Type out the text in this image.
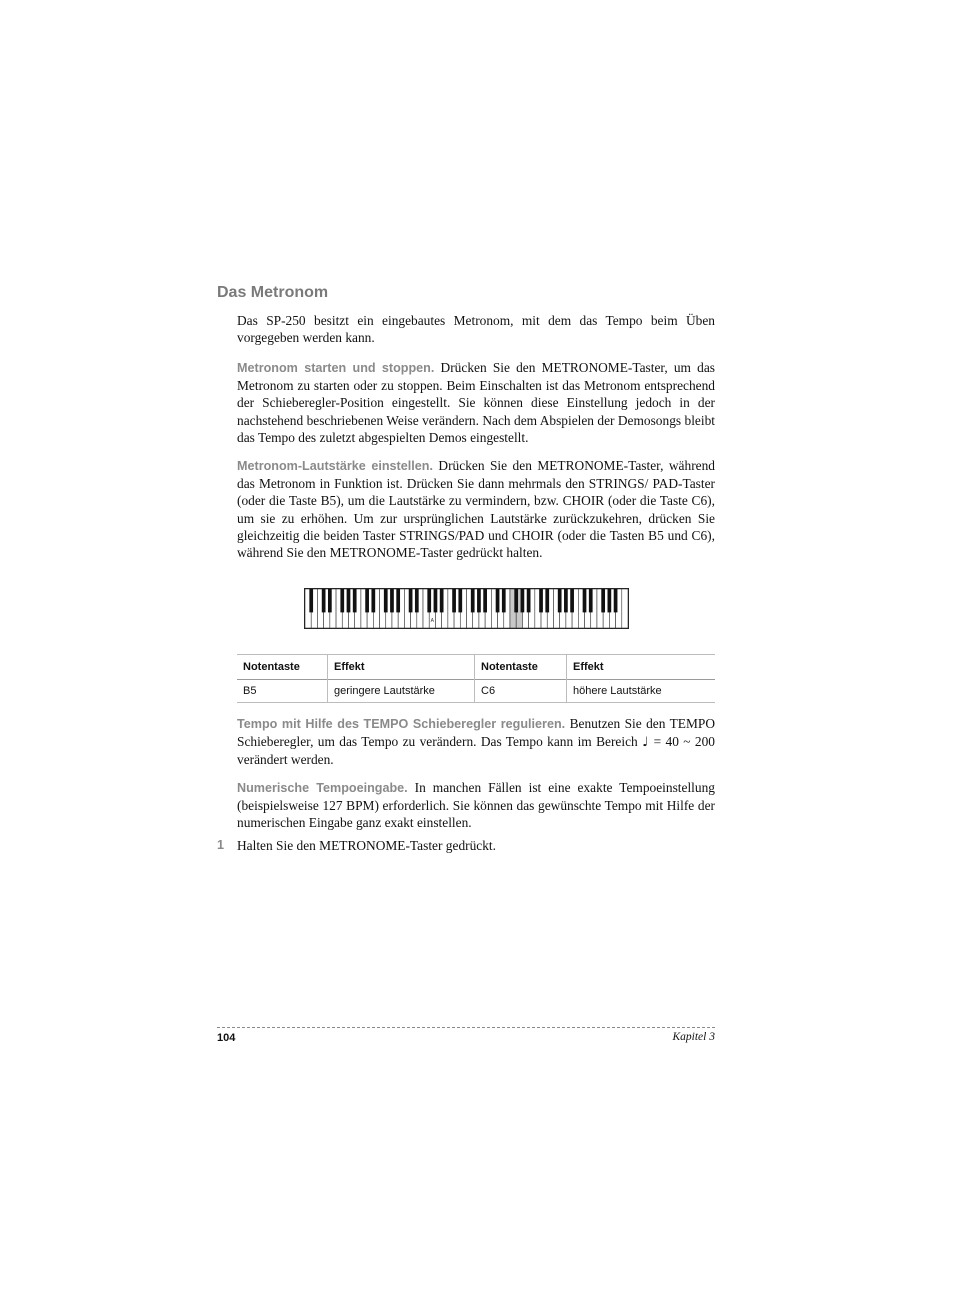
Das Metronom

Das SP-250 besitzt ein eingebautes Metronom, mit dem das Tempo beim Üben vorgegeben werden kann.

Metronom starten und stoppen. Drücken Sie den METRONOME-Taster, um das Metronom zu starten oder zu stoppen. Beim Einschalten ist das Metronom entsprechend der Schieberegler-Position eingestellt. Sie können diese Einstellung jedoch in der nachstehend beschriebenen Weise verändern. Nach dem Abspielen der Demosongs bleibt das Tempo des zuletzt abgespielten Demos eingestellt.

Metronom-Lautstärke einstellen. Drücken Sie den METRONOME-Taster, während das Metronom in Funktion ist. Drücken Sie dann mehrmals den STRINGS/ PAD-Taster (oder die Taste B5), um die Lautstärke zu vermindern, bzw. CHOIR (oder die Taste C6), um sie zu erhöhen. Um zur ursprünglichen Lautstärke zurückzukehren, drücken Sie gleichzeitig die beiden Taster STRINGS/PAD und CHOIR (oder die Tasten B5 und C6), während Sie den METRONOME-Taster gedrückt halten.

A
Notentaste	Effekt	Notentaste	Effekt
B5	geringere Lautstärke	C6	höhere Lautstärke

Tempo mit Hilfe des TEMPO Schieberegler regulieren. Benutzen Sie den TEMPO Schieberegler, um das Tempo zu verändern. Das Tempo kann im Bereich ♩ = 40 ~ 200 verändert werden.

Numerische Tempoeingabe. In manchen Fällen ist eine exakte Tempoeinstellung (beispielsweise 127 BPM) erforderlich. Sie können das gewünschte Tempo mit Hilfe der numerischen Eingabe ganz exakt einstellen.

1 Halten Sie den METRONOME-Taster gedrückt.
104	Kapitel 3
